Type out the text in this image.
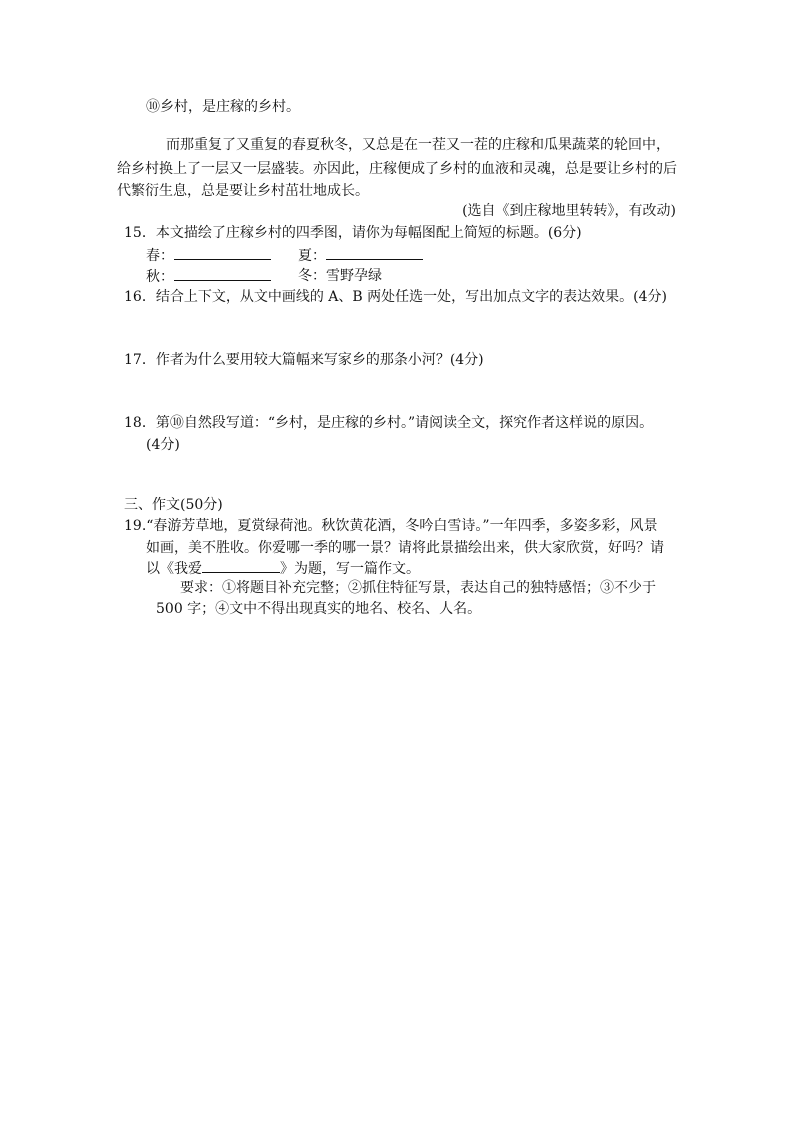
⑩乡村，是庄稼的乡村。
而那重复了又重复的春夏秋冬，又总是在一茬又一茬的庄稼和瓜果蔬菜的轮回中，
给乡村换上了一层又一层盛装。亦因此，庄稼便成了乡村的血液和灵魂，总是要让乡村的后
代繁衍生息，总是要让乡村茁壮地成长。
(选自《到庄稼地里转转》，有改动)
15．本文描绘了庄稼乡村的四季图，请你为每幅图配上简短的标题。(6分)
春：	夏：
秋：	冬：雪野孕绿
16．结合上下文，从文中画线的 A、B 两处任选一处，写出加点文字的表达效果。(4分)
17．作者为什么要用较大篇幅来写家乡的那条小河？(4分)
18．第⑩自然段写道：“乡村，是庄稼的乡村。”请阅读全文，探究作者这样说的原因。
(4分)
三、作文(50分)
19.“春游芳草地，夏赏绿荷池。秋饮黄花酒，冬吟白雪诗。”一年四季，多姿多彩，风景
如画，美不胜收。你爱哪一季的哪一景？请将此景描绘出来，供大家欣赏，好吗？请
以《我爱	》为题，写一篇作文。
要求：①将题目补充完整；②抓住特征写景，表达自己的独特感悟；③不少于
500 字；④文中不得出现真实的地名、校名、人名。
